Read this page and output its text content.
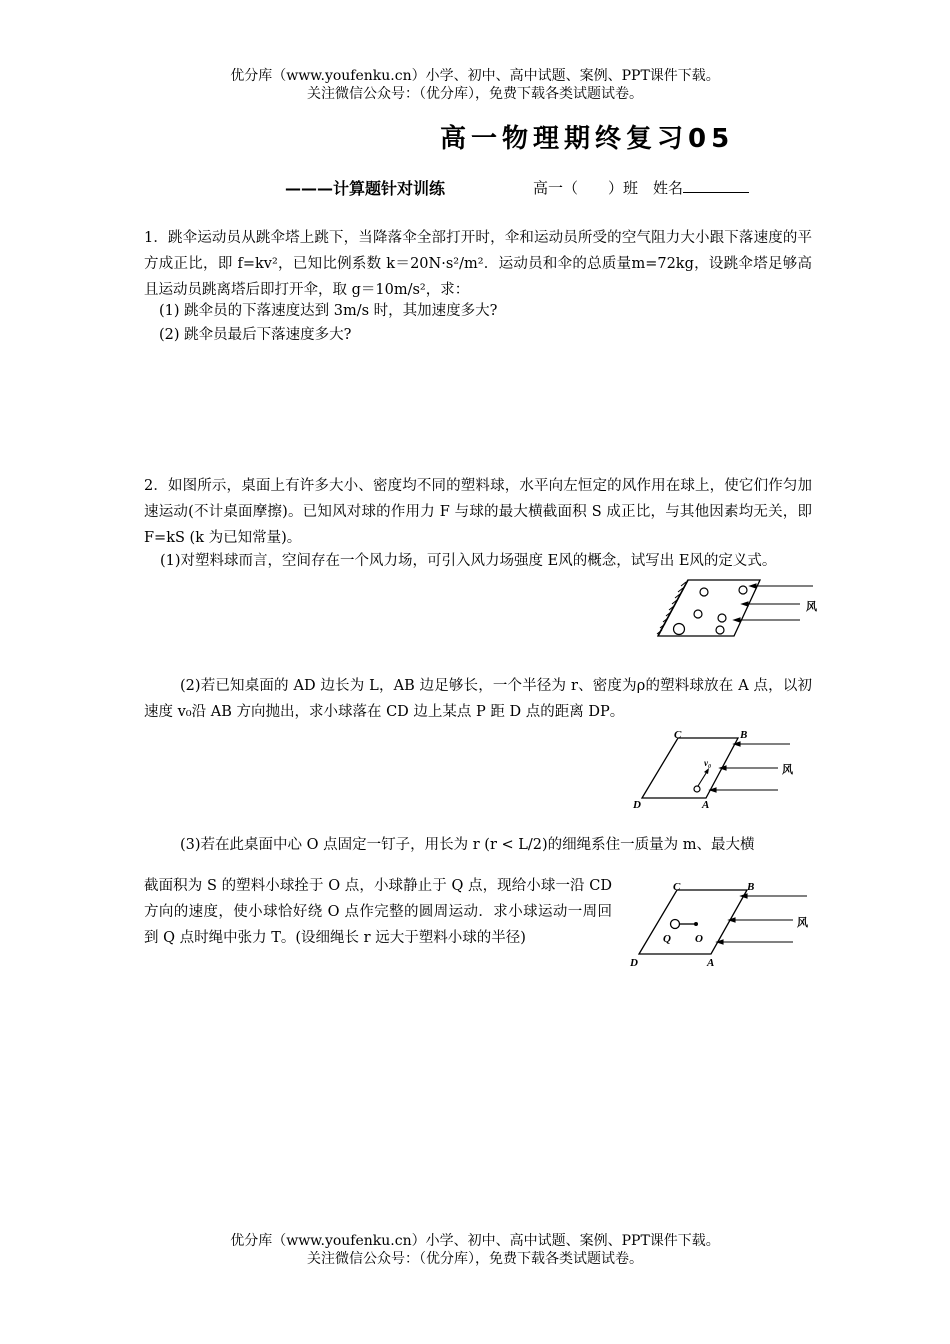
优分库（www.youfenku.cn）小学、初中、高中试题、案例、PPT课件下载。
关注微信公众号：（优分库），免费下载各类试题试卷。
高一物理期终复习05
———计算题针对训练	高一（　　）班　姓名
1．跳伞运动员从跳伞塔上跳下，当降落伞全部打开时，伞和运动员所受的空气阻力大小跟下落速度的平方成正比，即 f=kv²，已知比例系数 k＝20N·s²/m²．运动员和伞的总质量m=72kg，设跳伞塔足够高且运动员跳离塔后即打开伞，取 g＝10m/s²，求：
(1) 跳伞员的下落速度达到 3m/s 时，其加速度多大?
(2) 跳伞员最后下落速度多大?
2．如图所示，桌面上有许多大小、密度均不同的塑料球，水平向左恒定的风作用在球上，使它们作匀加速运动(不计桌面摩擦)。已知风对球的作用力 F 与球的最大横截面积 S 成正比，与其他因素均无关，即 F=kS (k 为已知常量)。
(1)对塑料球而言，空间存在一个风力场，可引入风力场强度 E风的概念，试写出 E风的定义式。
风
(2)若已知桌面的 AD 边长为 L，AB 边足够长，一个半径为 r、密度为ρ的塑料球放在 A 点，以初速度 v₀沿 AB 方向抛出，求小球落在 CD 边上某点 P 距 D 点的距离 DP。
C	B
D	A
v₀	风
(3)若在此桌面中心 O 点固定一钉子，用长为 r (r < L/2)的细绳系住一质量为 m、最大横
截面积为 S 的塑料小球拴于 O 点，小球静止于 Q 点，现给小球一沿 CD 方向的速度，使小球恰好绕 O 点作完整的圆周运动．求小球运动一周回到 Q 点时绳中张力 T。(设细绳长 r 远大于塑料小球的半径)
C	B
D	A
Q O
风
优分库（www.youfenku.cn）小学、初中、高中试题、案例、PPT课件下载。
关注微信公众号：（优分库），免费下载各类试题试卷。
